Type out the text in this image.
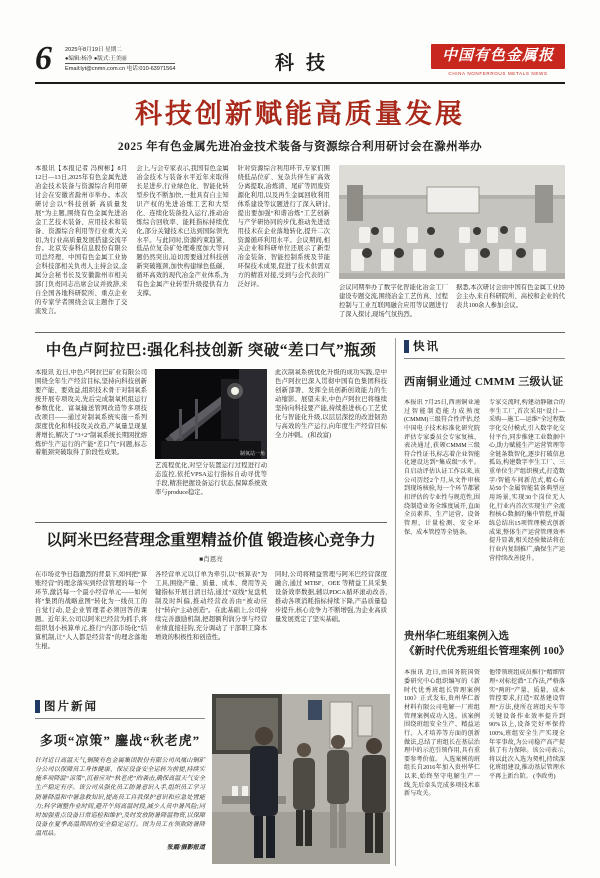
6 2025年8月19日 星期二
●编辑:杨净 ●版式:王美丽
Email:lyt@cnmn.com.cn 电话:010-63971564	科技	中国有色金属报
CHINA NONFERROUS METALS NEWS
科技创新赋能高质量发展
2025 年有色金属先进冶金技术装备与资源综合利用研讨会在滁州举办

本报讯【本报记者 冯树彬】8月12日—13日,2025年有色金属先进冶金技术装备与资源综合利用研讨会在安徽省滁州市举办。本次研讨会以“科技创新 高质量发展”为主题,围绕有色金属先进冶金工艺技术装备、应用技术和装备、资源综合利用等行业重大关切,为行业高质量发展搭建交流平台。北京安泰科信息股份有限公司总经理、中国有色金属工业协会科技部相关负责人主持会议,金属分会秘书长及安徽滁州市相关部门负责同志出席会议并致辞,来自全国各地科研院所、重点企业的专家学者围绕会议主题作了交流发言。

会上,与会专家表示,我国有色金属冶金技术与装备水平近年来取得长足进步,行业绿色化、智能化转型步伐不断加快,一批具有自主知识产权的先进冶炼工艺和大型化、连续化装备投入运行,推动冶炼综合回收率、能耗指标持续优化,部分关键技术已达到国际领先水平。与此同时,资源约束趋紧、低品位复杂矿处理难度加大等问题仍然突出,迫切需要通过科技创新突破瓶颈,加快构建绿色低碳、循环高效的现代冶金产业体系,为有色金属产业转型升级提供有力支撑。

针对资源综合利用环节,专家们围绕低品位矿、复杂共伴生矿高效分离提取,冶炼渣、尾矿等固废资源化利用,以及再生金属回收利用体系建设等议题进行了深入研讨,提出要加强“和谐冶炼”工艺创新与产学研协同的步伐,推动先进适用技术在企业落地转化,提升二次资源循环利用水平。会议期间,相关企业和科研单位还展示了新型冶金装备、智能控制系统及节能环保技术成果,促进了技术供需双方的精准对接,受到与会代表的广泛好评。	会议同期举办了数字化智能化冶金工厂建设专题交流,围绕冶金工艺仿真、过程控制与工业互联网融合应用等议题进行了深入探讨,现场气氛热烈。

据悉,本次研讨会由中国有色金属工业协会主办,来自科研院所、高校和企业的代表共100余人参加会议。

中色卢阿拉巴:强化科技创新 突破“差口气”瓶颈

本报讯 近日,中色卢阿拉巴矿业有限公司围绕全年生产经营目标,坚持向科技创新要产能、要效益,组织技术骨干对制氧系统开展专项攻关,先后完成制氧机组运行参数优化、富氧输送管网改造等多项技改项目——通过对制氧系统实施一系列深度优化和科技攻关改造,产氧量呈现显著增长,解决了“3+2”制氧系统长期困扰熔炼炉生产运行的产能“差口气”问题,标志着瓶颈突破取得了阶段性成果。	制氧站一角

艺流程优化,对空分装置运行过程进行动态监控,依托VPSA运行指标自动寻优等手段,精准把握设备运行状态,保障系统效率与produce稳定。

此次制氧系统优化升级的成功实践,是中色卢阿拉巴深入贯彻中国有色集团科技创新部署、发挥全员创新创效能力的生动缩影。展望未来,中色卢阿拉巴将继续坚持向科技要产能,持续推进核心工艺优化与智能化升级,以层层深挖的改进韧劲与高效的生产运行,向年度生产经营目标全力冲刺。 (和改富)

快讯
西南铜业通过 CMMM 三级认证

本报讯 7月25日,西南铜业通过智能制造能力成熟度(CMMM)三级符合性评估,经中国电子技术标准化研究院评估专家委员会专家复核、表决通过,获颁CMMM三级符合性证书,标志着企业智能化建设达到“集成级”水平。 自启动评估认证工作以来,该公司历经2个月,从文件审核到现场核验,每一个环节都紧扣评估的专业性与规范性,围绕制造业务全维度展开,直面全员素养、生产运营、设备管理、计量检测、安全环保、成本管控等全链条。

专家交流时,构建动静融合的孪生工厂,首次采用“设计—采购—施工—运维”全过程数字化交付模式,引入数字化交付平台,同步推建工业数据中心,助力赋能生产运营管理等全链条数智化,逐步打破信息孤岛,构建数字孪生工厂、三重单位生产组织模式,打造数字/智能车间新范式,精心布局50个金属智能装备典型应用场景,实现30个岗位无人化,行业内首次实现生产全流程核心数据的集中管控,并凝练总结出15项管理模式创新成果,整体生产运营管理效率提升显著,相关经验做法将在行业内复制推广,确保生产运营持续改善提升。

以阿米巴经营理念重塑精益价值 锻造核心竞争力
■肖恩亮

在市场竞争日趋激烈的背景下,如何把“算账经营”的理念落实到经营管理的每一个环节,激活每一个最小经营单元——如何将“集团的战略意图”转化为一线员工的自觉行动,是企业管理者必须回答的课题。近年来,公司以阿米巴经营为抓手,将组织划小核算单元,推行“内部市场化”结算机制,让“人人都是经营者”的理念落地生根。

各经营单元以订单为牵引,以“核算表”为工具,围绕产量、质量、成本、费用等关键指标开展日清日结,通过“双线”复盘机制及时纠偏,推动经营改善由“被动应付”转向“主动创造”。在此基础上,公司持续完善激励机制,把超额利润分享与经营业绩直接挂钩,充分调动了干部职工降本增效的积极性和创造性。

同时,公司将精益管理与阿米巴经营深度融合,通过 MTBF、OEE 等精益工具采集设备效率数据,辅以PDCA循环滚动改善,推动各项消耗指标持续下降,产品质量稳步提升,核心竞争力不断增强,为企业高质量发展奠定了坚实基础。

图片新闻
多项“凉策” 鏖战“秋老虎”

针对近日高温天气,铜陵有色金属集团股份有限公司凤凰山铜矿分公司以保障员工身体健康、保证设备安全运转为前提,持续实施多项降温“凉策”,沉着应对“秋老虎”的袭击,确保高温天气安全生产稳定有序。该公司从强化员工防暑意识入手,组织员工学习防暑降温和中暑急救知识,提高员工自我保护意识和应急处置能力;科学调整作业时间,避开午间高温时段,减少人员中暑风险;同时加强重点设备日常巡检和维护,及时发放防暑降温物资,以保障设备在夏季高温期间的安全稳定运行。图为员工在领取防暑降温用品。

张霞/摄影报道
贵州华仁班组案例入选
《新时代优秀班组长管理案例 100》

本报讯 近日,由国务院国资委研究中心组织编写的《新时代优秀班组长管理案例100》正式发布,贵州华仁新材料有限公司电解一厂班组管理案例成功入选。该案例围绕班组安全生产、精益运行、人才培养等方面的创新做法,总结了班组长在基层治理中的示范引领作用,具有重要参考价值。 入选案例的班组长自2016年加入贵州华仁以来,始终坚守电解生产一线,先后牵头完成多项技术革新与攻关。

他带领班组成员推行“精细管理+对标挖潜”工作法,严格落实“两班”产量、质量、成本管控要求,打造“双基建设管理”方法,使所在班组天车等关键设备作业效率提升到90%以上,设备完好率保持100%,班组安全生产实现全年零事故,为公司稳产高产提供了有力保障。该公司表示,将以此次入选为契机,持续深化班组建设,推动基层管理水平再上新台阶。 (李政勇)
